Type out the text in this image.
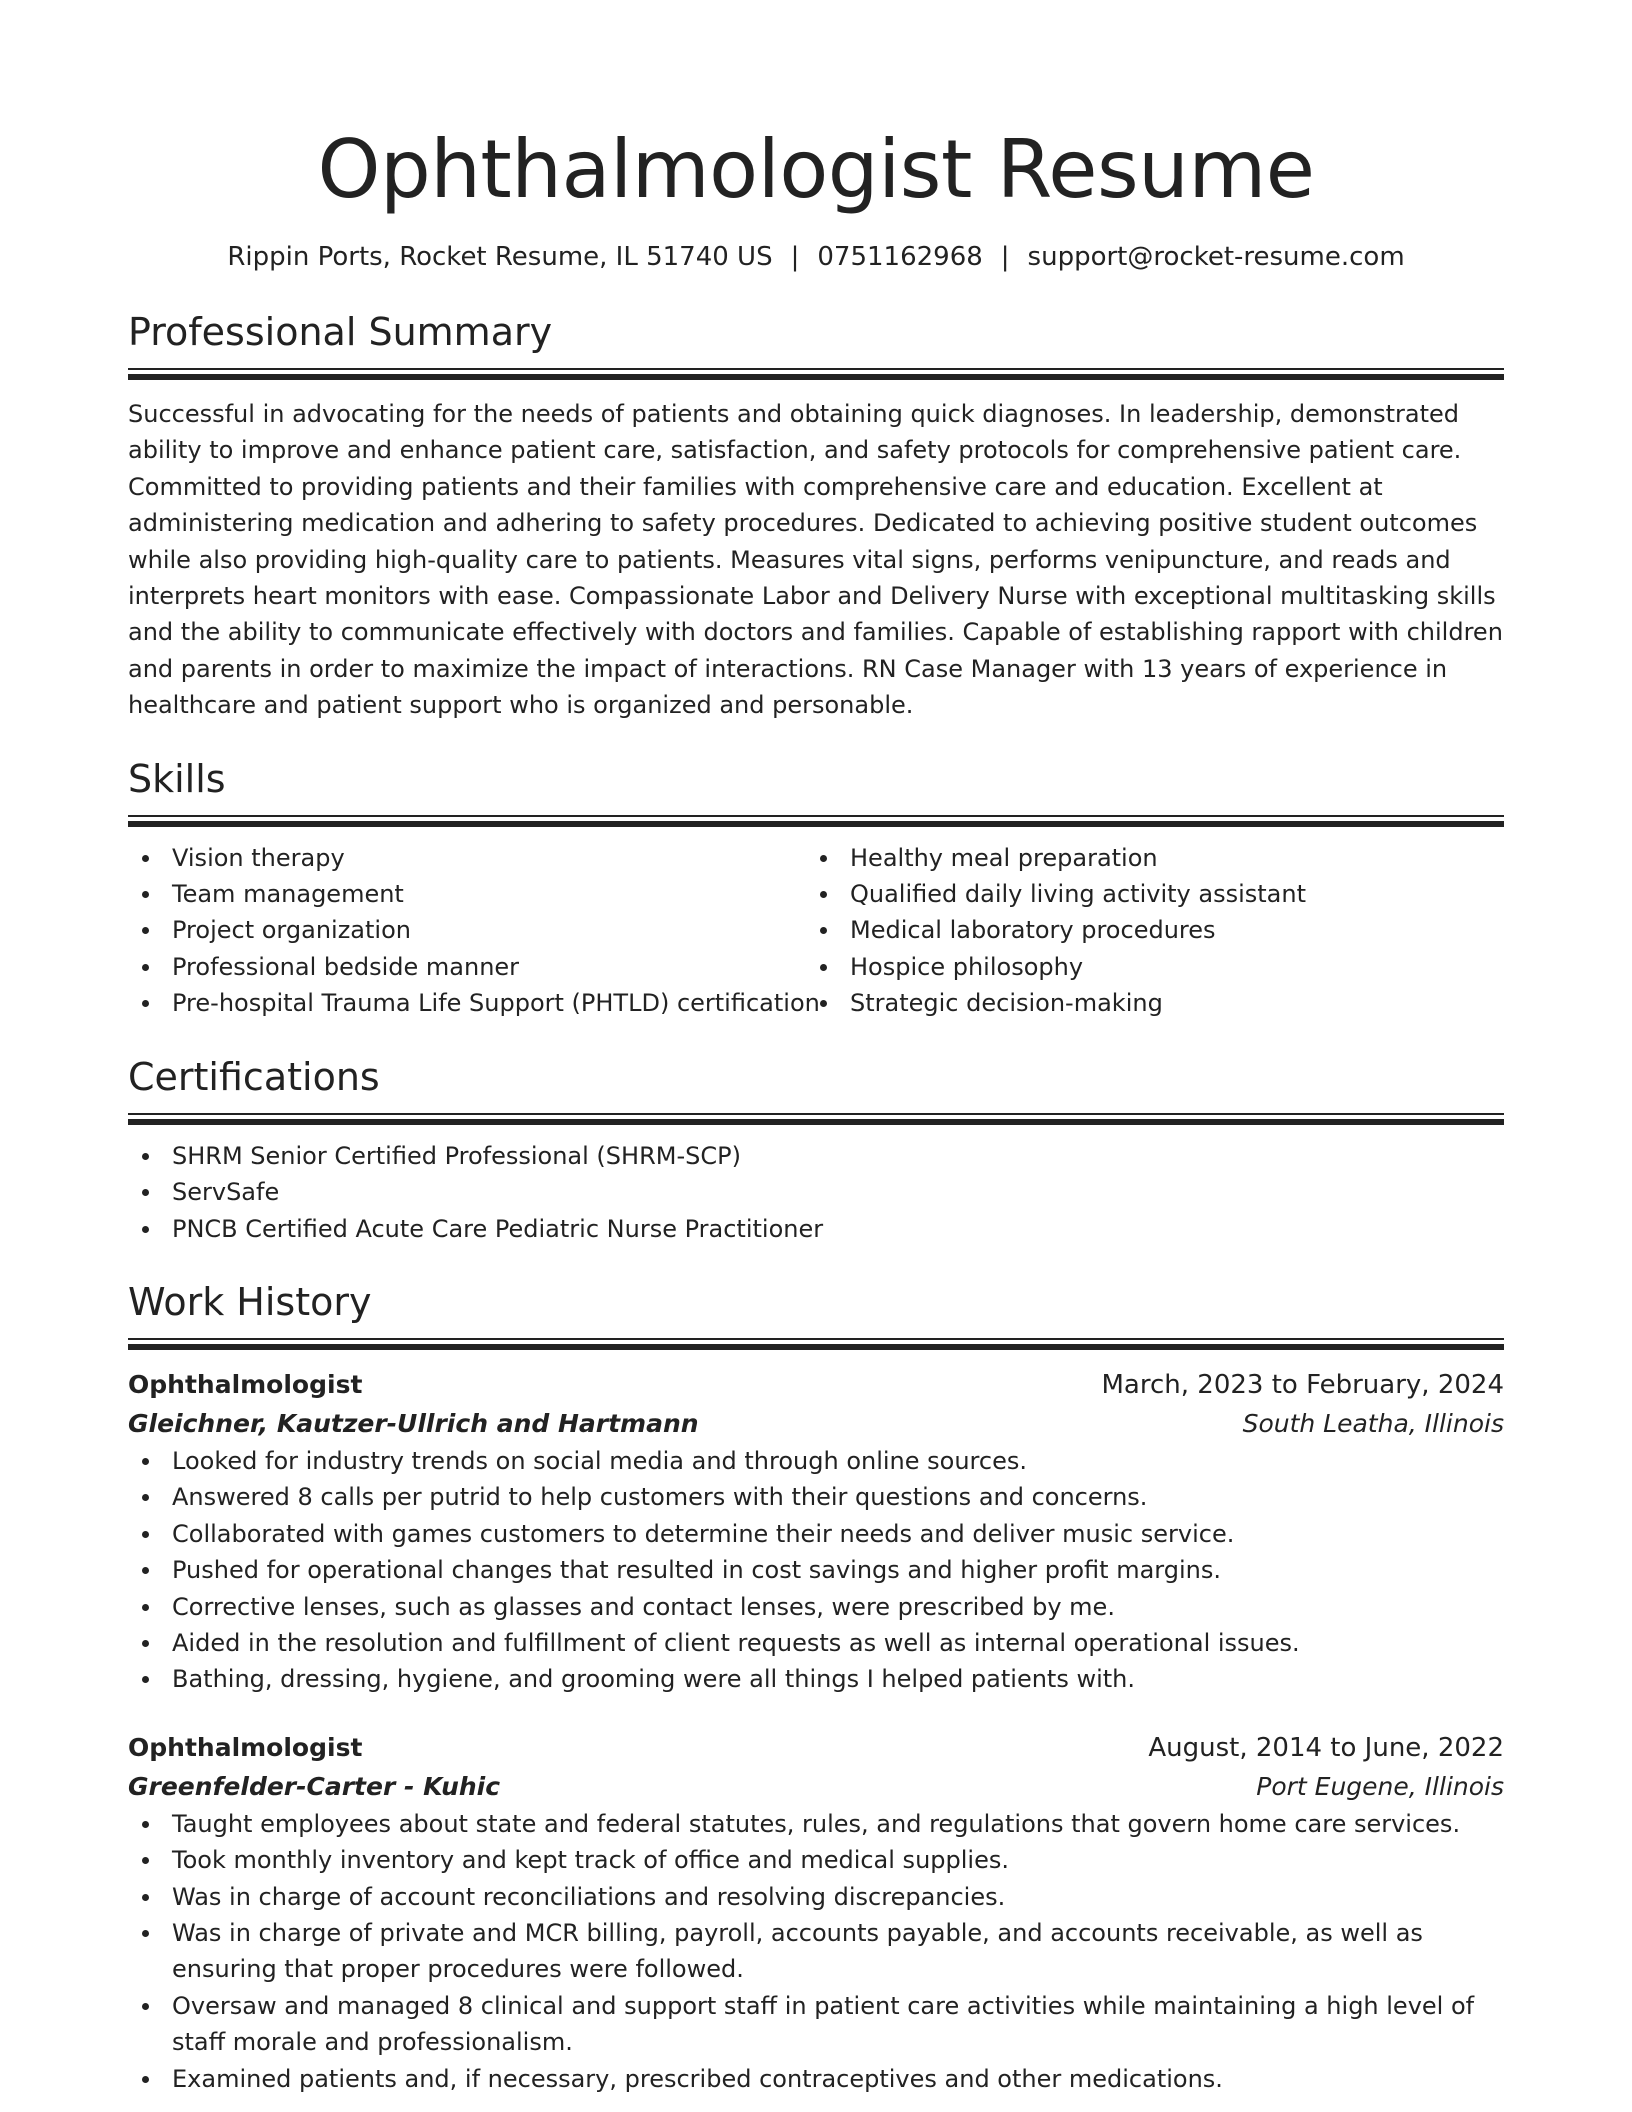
Ophthalmologist Resume
Rippin Ports, Rocket Resume, IL 51740 US | 0751162968 | support@rocket-resume.com
Professional Summary

Successful in advocating for the needs of patients and obtaining quick diagnoses. In leadership, demonstrated ability to improve and enhance patient care, satisfaction, and safety protocols for comprehensive patient care. Committed to providing patients and their families with comprehensive care and education. Excellent at administering medication and adhering to safety procedures. Dedicated to achieving positive student outcomes while also providing high-quality care to patients. Measures vital signs, performs venipuncture, and reads and interprets heart monitors with ease. Compassionate Labor and Delivery Nurse with exceptional multitasking skills and the ability to communicate effectively with doctors and families. Capable of establishing rapport with children and parents in order to maximize the impact of interactions. RN Case Manager with 13 years of experience in healthcare and patient support who is organized and personable.

Skills
Vision therapy
Team management
Project organization
Professional bedside manner
Pre-hospital Trauma Life Support (PHTLD) certification
Healthy meal preparation
Qualified daily living activity assistant
Medical laboratory procedures
Hospice philosophy
Strategic decision-making
Certifications
SHRM Senior Certified Professional (SHRM-SCP)
ServSafe
PNCB Certified Acute Care Pediatric Nurse Practitioner
Work History
Ophthalmologist	March, 2023 to February, 2024
Gleichner, Kautzer-Ullrich and Hartmann	South Leatha, Illinois
Looked for industry trends on social media and through online sources.
Answered 8 calls per putrid to help customers with their questions and concerns.
Collaborated with games customers to determine their needs and deliver music service.
Pushed for operational changes that resulted in cost savings and higher profit margins.
Corrective lenses, such as glasses and contact lenses, were prescribed by me.
Aided in the resolution and fulfillment of client requests as well as internal operational issues.
Bathing, dressing, hygiene, and grooming were all things I helped patients with.
Ophthalmologist	August, 2014 to June, 2022
Greenfelder-Carter - Kuhic	Port Eugene, Illinois
Taught employees about state and federal statutes, rules, and regulations that govern home care services.
Took monthly inventory and kept track of office and medical supplies.
Was in charge of account reconciliations and resolving discrepancies.
Was in charge of private and MCR billing, payroll, accounts payable, and accounts receivable, as well as ensuring that proper procedures were followed.
Oversaw and managed 8 clinical and support staff in patient care activities while maintaining a high level of staff morale and professionalism.
Examined patients and, if necessary, prescribed contraceptives and other medications.
